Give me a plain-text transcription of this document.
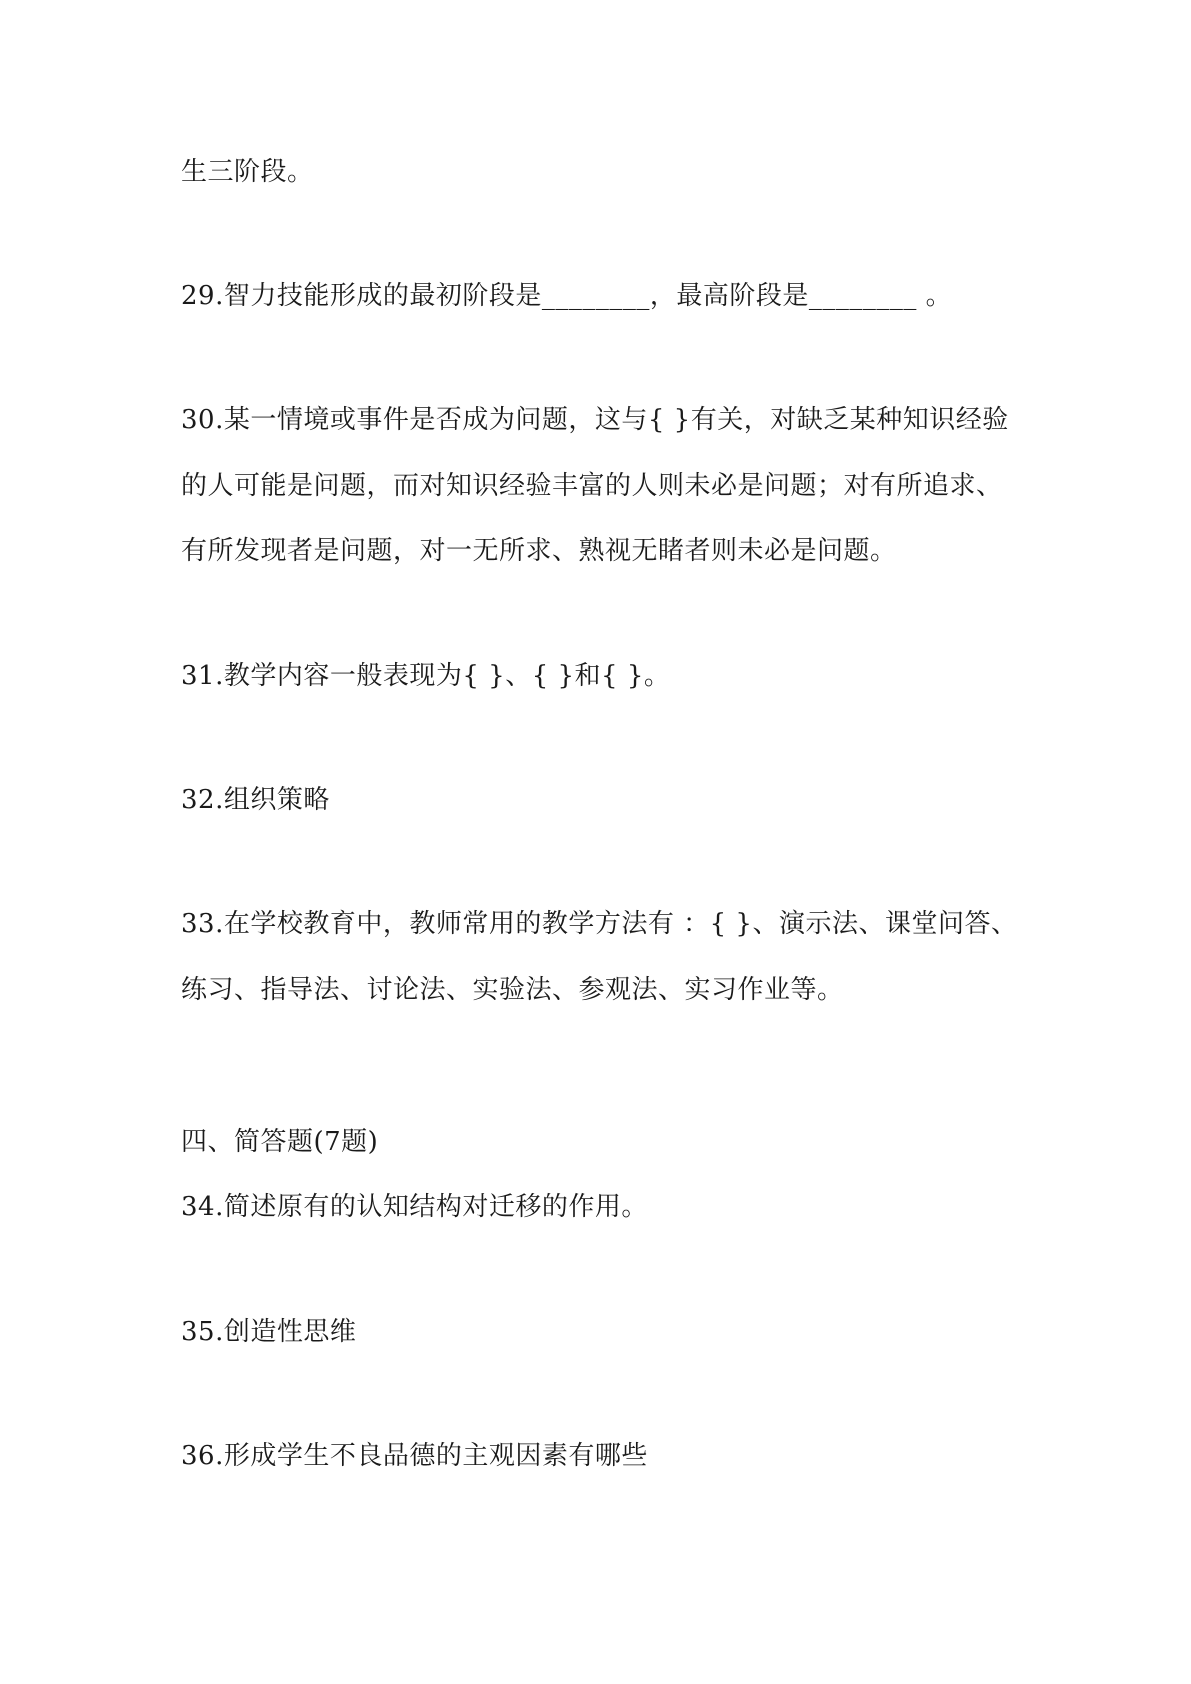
生三阶段。
29.智力技能形成的最初阶段是________，最高阶段是________ 。
30.某一情境或事件是否成为问题，这与{ }有关，对缺乏某种知识经验
的人可能是问题，而对知识经验丰富的人则未必是问题；对有所追求、
有所发现者是问题，对一无所求、熟视无睹者则未必是问题。
31.教学内容一般表现为{ }、{ }和{ }。
32.组织策略
33.在学校教育中，教师常用的教学方法有 ：{ }、演示法、课堂问答、
练习、指导法、讨论法、实验法、参观法、实习作业等。
四、简答题(7题)
34.简述原有的认知结构对迁移的作用。
35.创造性思维
36.形成学生不良品德的主观因素有哪些
